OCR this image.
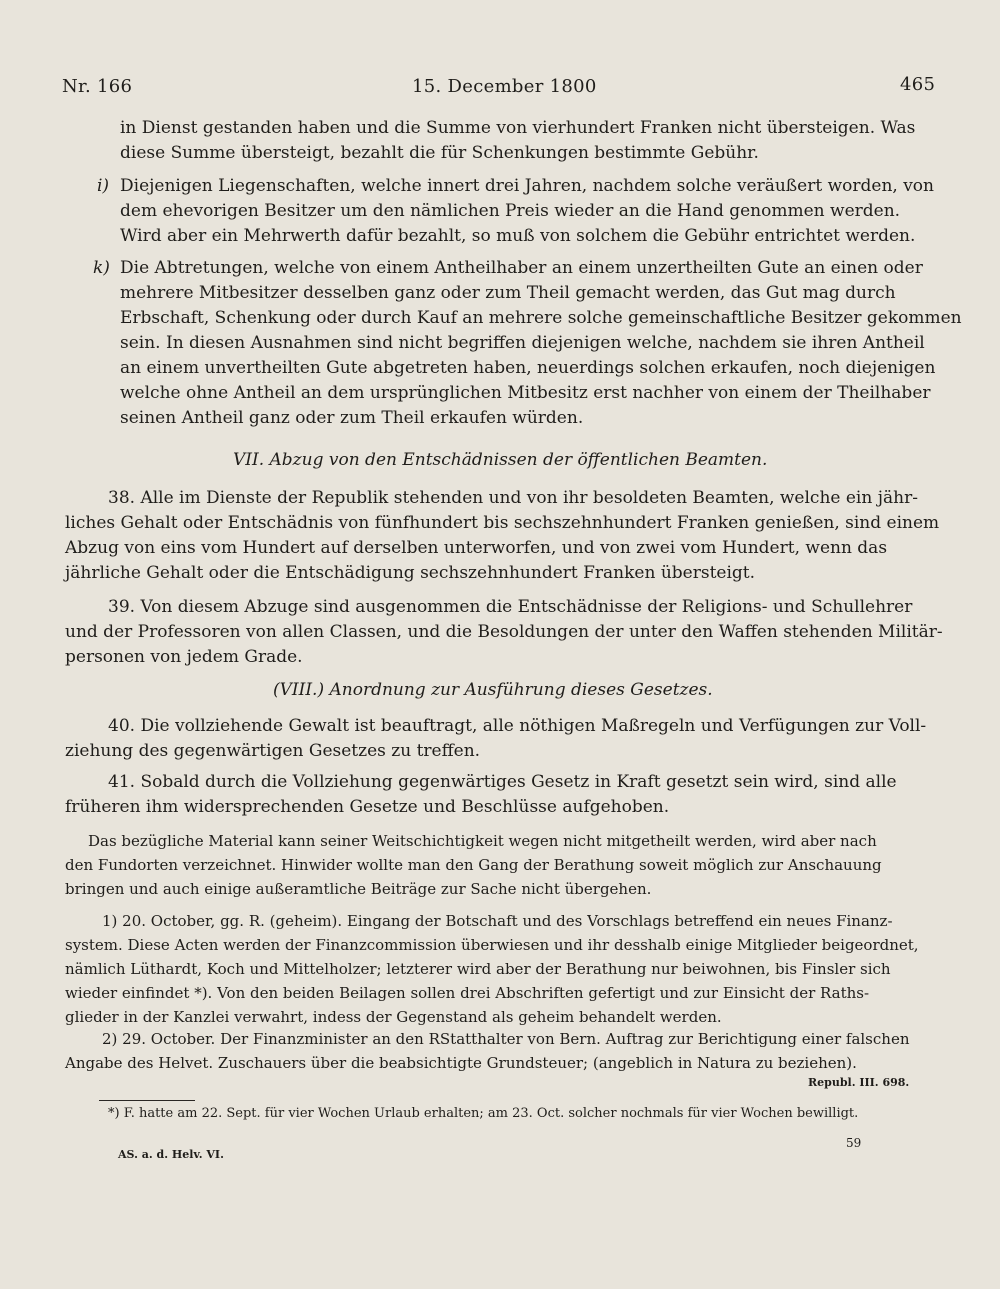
Nr. 166	15. December 1800	465
in Dienst gestanden haben und die Summe von vierhundert Franken nicht übersteigen. Was
diese Summe übersteigt, bezahlt die für Schenkungen bestimmte Gebühr.
i) Diejenigen Liegenschaften, welche innert drei Jahren, nachdem solche veräußert worden, von
dem ehevorigen Besitzer um den nämlichen Preis wieder an die Hand genommen werden.
Wird aber ein Mehrwerth dafür bezahlt, so muß von solchem die Gebühr entrichtet werden.
k) Die Abtretungen, welche von einem Antheilhaber an einem unzertheilten Gute an einen oder
mehrere Mitbesitzer desselben ganz oder zum Theil gemacht werden, das Gut mag durch
Erbschaft, Schenkung oder durch Kauf an mehrere solche gemeinschaftliche Besitzer gekommen
sein. In diesen Ausnahmen sind nicht begriffen diejenigen welche, nachdem sie ihren Antheil
an einem unvertheilten Gute abgetreten haben, neuerdings solchen erkaufen, noch diejenigen
welche ohne Antheil an dem ursprünglichen Mitbesitz erst nachher von einem der Theilhaber
seinen Antheil ganz oder zum Theil erkaufen würden.
VII. Abzug von den Entschädnissen der öffentlichen Beamten.
38. Alle im Dienste der Republik stehenden und von ihr besoldeten Beamten, welche ein jähr-
liches Gehalt oder Entschädnis von fünfhundert bis sechszehnhundert Franken genießen, sind einem
Abzug von eins vom Hundert auf derselben unterworfen, und von zwei vom Hundert, wenn das
jährliche Gehalt oder die Entschädigung sechszehnhundert Franken übersteigt.
39. Von diesem Abzuge sind ausgenommen die Entschädnisse der Religions- und Schullehrer
und der Professoren von allen Classen, und die Besoldungen der unter den Waffen stehenden Militär-
personen von jedem Grade.
(VIII.) Anordnung zur Ausführung dieses Gesetzes.
40. Die vollziehende Gewalt ist beauftragt, alle nöthigen Maßregeln und Verfügungen zur Voll-
ziehung des gegenwärtigen Gesetzes zu treffen.
41. Sobald durch die Vollziehung gegenwärtiges Gesetz in Kraft gesetzt sein wird, sind alle
früheren ihm widersprechenden Gesetze und Beschlüsse aufgehoben.
Das bezügliche Material kann seiner Weitschichtigkeit wegen nicht mitgetheilt werden, wird aber nach
den Fundorten verzeichnet. Hinwider wollte man den Gang der Berathung soweit möglich zur Anschauung
bringen und auch einige außeramtliche Beiträge zur Sache nicht übergehen.
1) 20. October, gg. R. (geheim). Eingang der Botschaft und des Vorschlags betreffend ein neues Finanz-
system. Diese Acten werden der Finanzcommission überwiesen und ihr desshalb einige Mitglieder beigeordnet,
nämlich Lüthardt, Koch und Mittelholzer; letzterer wird aber der Berathung nur beiwohnen, bis Finsler sich
wieder einfindet *). Von den beiden Beilagen sollen drei Abschriften gefertigt und zur Einsicht der Raths-
glieder in der Kanzlei verwahrt, indess der Gegenstand als geheim behandelt werden.
2) 29. October. Der Finanzminister an den RStatthalter von Bern. Auftrag zur Berichtigung einer falschen
Angabe des Helvet. Zuschauers über die beabsichtigte Grundsteuer; (angeblich in Natura zu beziehen).
Republ. III. 698.
*) F. hatte am 22. Sept. für vier Wochen Urlaub erhalten; am 23. Oct. solcher nochmals für vier Wochen bewilligt.
AS. a. d. Helv. VI.
59
